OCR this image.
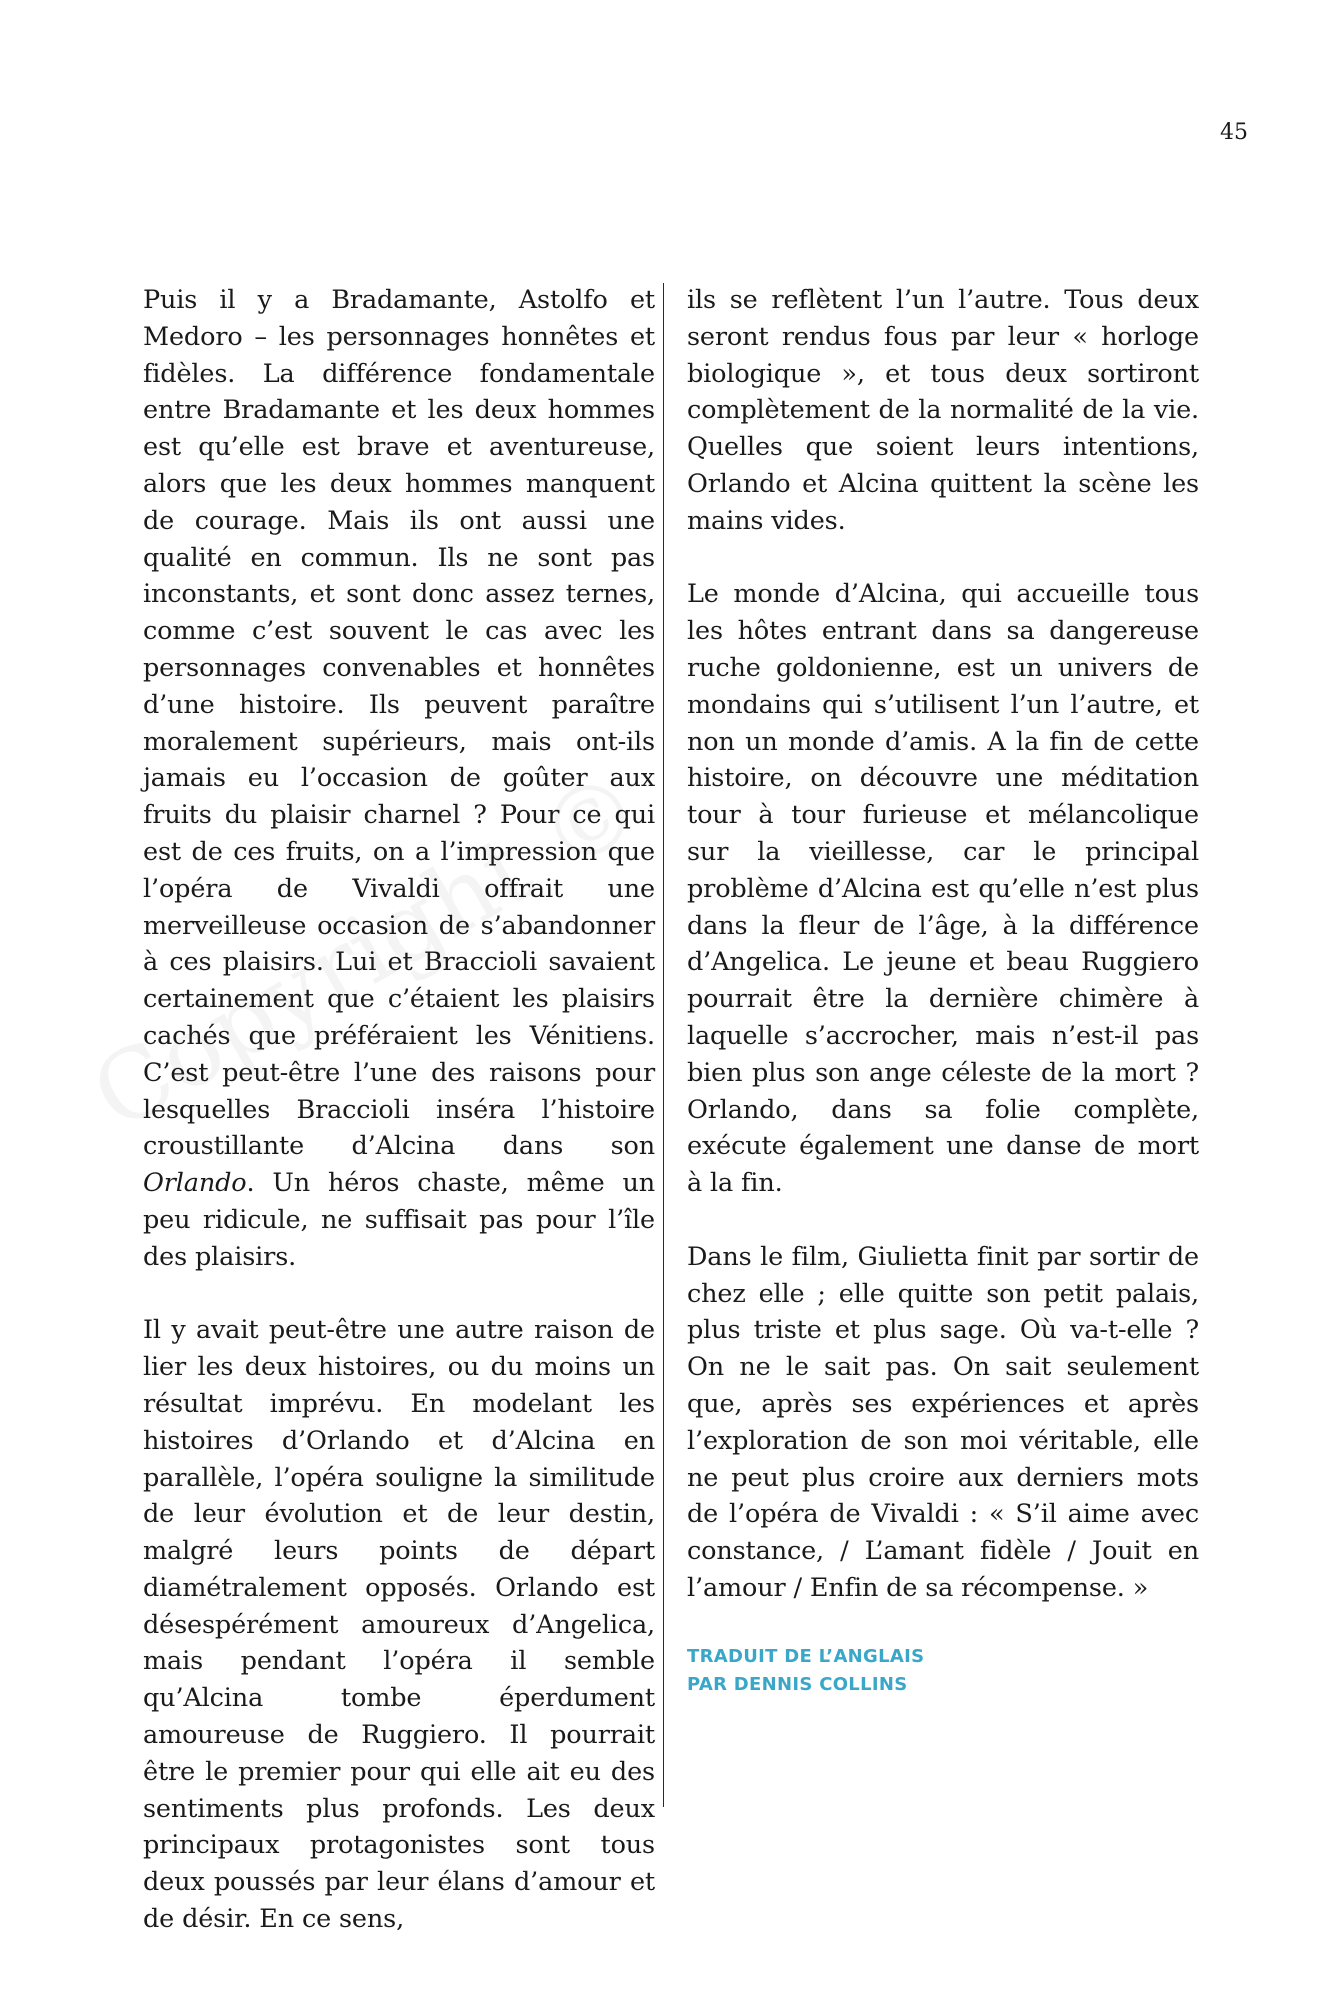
45

Puis il y a Bradamante, Astolfo et Medoro – les personnages honnêtes et fidèles. La différence fondamentale entre Bradamante et les deux hommes est qu’elle est brave et aventureuse, alors que les deux hommes manquent de courage. Mais ils ont aussi une qualité en commun. Ils ne sont pas inconstants, et sont donc assez ternes, comme c’est souvent le cas avec les personnages convenables et honnêtes d’une histoire. Ils peuvent paraître moralement supérieurs, mais ont-ils jamais eu l’occasion de goûter aux fruits du plaisir charnel ? Pour ce qui est de ces fruits, on a l’impression que l’opéra de Vivaldi offrait une merveilleuse occasion de s’abandonner à ces plaisirs. Lui et Braccioli savaient certainement que c’étaient les plaisirs cachés que préféraient les Vénitiens. C’est peut-être l’une des raisons pour lesquelles Braccioli inséra l’histoire croustillante d’Alcina dans son Orlando. Un héros chaste, même un peu ridicule, ne suffisait pas pour l’île des plaisirs.

Il y avait peut-être une autre raison de lier les deux histoires, ou du moins un résultat imprévu. En modelant les histoires d’Orlando et d’Alcina en parallèle, l’opéra souligne la similitude de leur évolution et de leur destin, malgré leurs points de départ diamétralement opposés. Orlando est désespérément amoureux d’Angelica, mais pendant l’opéra il semble qu’Alcina tombe éperdument amoureuse de Ruggiero. Il pourrait être le premier pour qui elle ait eu des sentiments plus profonds. Les deux principaux protagonistes sont tous deux poussés par leur élans d’amour et de désir. En ce sens,

ils se reflètent l’un l’autre. Tous deux seront rendus fous par leur « horloge biologique », et tous deux sortiront complètement de la normalité de la vie. Quelles que soient leurs intentions, Orlando et Alcina quittent la scène les mains vides.

Le monde d’Alcina, qui accueille tous les hôtes entrant dans sa dangereuse ruche goldonienne, est un univers de mondains qui s’utilisent l’un l’autre, et non un monde d’amis. A la fin de cette histoire, on découvre une méditation tour à tour furieuse et mélancolique sur la vieillesse, car le principal problème d’Alcina est qu’elle n’est plus dans la fleur de l’âge, à la différence d’Angelica. Le jeune et beau Ruggiero pourrait être la dernière chimère à laquelle s’accrocher, mais n’est-il pas bien plus son ange céleste de la mort ? Orlando, dans sa folie complète, exécute également une danse de mort à la fin.

Dans le film, Giulietta finit par sortir de chez elle ; elle quitte son petit palais, plus triste et plus sage. Où va-t-elle ? On ne le sait pas. On sait seulement que, après ses expériences et après l’exploration de son moi véritable, elle ne peut plus croire aux derniers mots de l’opéra de Vivaldi : « S’il aime avec constance, / L’amant fidèle / Jouit en l’amour / Enfin de sa récompense. »

TRADUIT DE L’ANGLAIS
PAR DENNIS COLLINS
